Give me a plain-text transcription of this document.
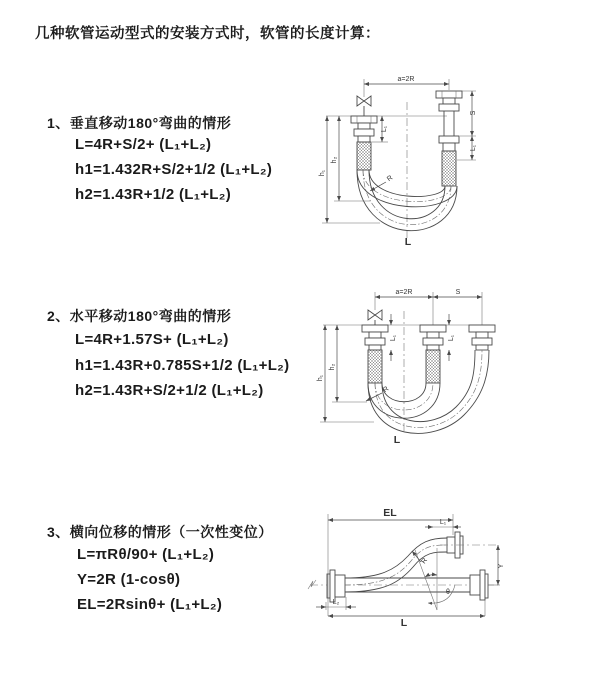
几种软管运动型式的安装方式时，软管的长度计算：
1、垂直移动180°弯曲的情形
L=4R+S/2+ (L₁+L₂)
h1=1.432R+S/2+1/2 (L₁+L₂)
h2=1.43R+1/2 (L₁+L₂)
2、水平移动180°弯曲的情形
L=4R+1.57S+ (L₁+L₂)
h1=1.43R+0.785S+1/2 (L₁+L₂)
h2=1.43R+S/2+1/2 (L₁+L₂)
3、横向位移的情形（一次性变位）
L=πRθ/90+ (L₁+L₂)
Y=2R (1-cosθ)
EL=2Rsinθ+ (L₁+L₂)
a=2R
h₁
h₂
L₁
S
L₁
R
L
a=2R	S
h₁
h₂
L₁	L₁
R
L
EL
L₁
Y
θ
R
L
L₂
